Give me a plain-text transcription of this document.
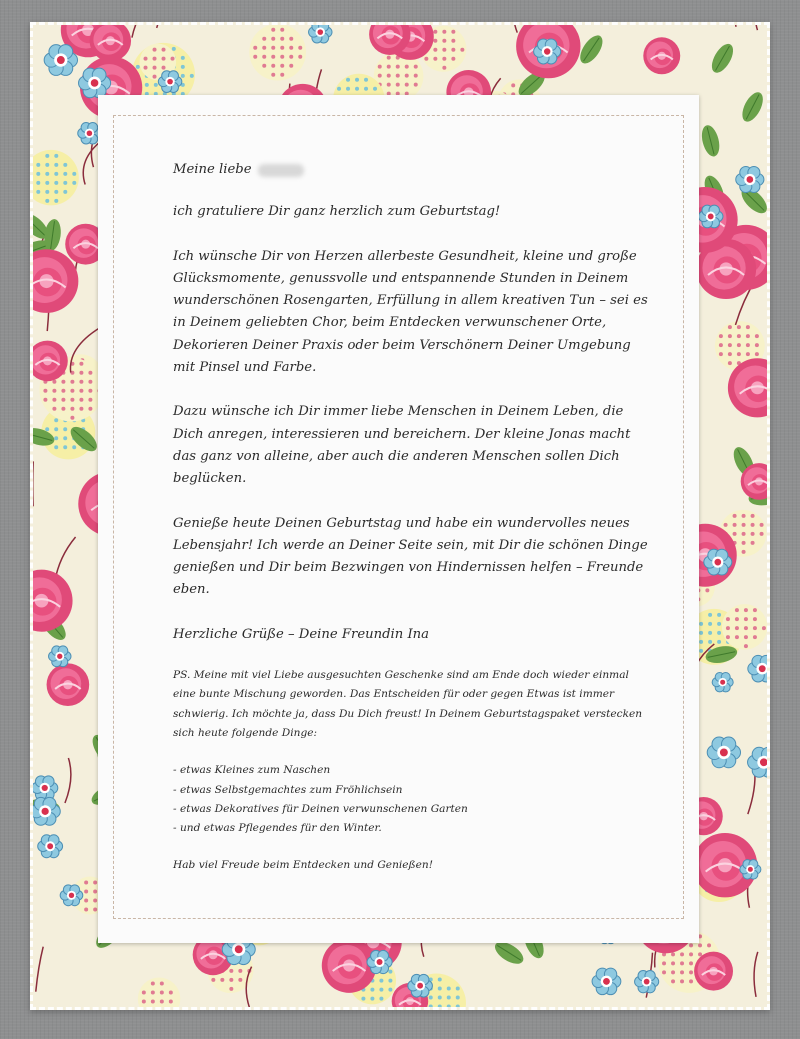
Meine liebe

ich gratuliere Dir ganz herzlich zum Geburtstag!

Ich wünsche Dir von Herzen allerbeste Gesundheit, kleine und große Glücksmomente, genussvolle und entspannende Stunden in Deinem wunderschönen Rosengarten, Erfüllung in allem kreativen Tun – sei es in Deinem geliebten Chor, beim Entdecken verwunschener Orte, Dekorieren Deiner Praxis oder beim Verschönern Deiner Umgebung mit Pinsel und Farbe.

Dazu wünsche ich Dir immer liebe Menschen in Deinem Leben, die Dich anregen, interessieren und bereichern. Der kleine Jonas macht das ganz von alleine, aber auch die anderen Menschen sollen Dich beglücken.

Genieße heute Deinen Geburtstag und habe ein wundervolles neues Lebensjahr! Ich werde an Deiner Seite sein, mit Dir die schönen Dinge genießen und Dir beim Bezwingen von Hindernissen helfen – Freunde eben.

Herzliche Grüße – Deine Freundin Ina

PS. Meine mit viel Liebe ausgesuchten Geschenke sind am Ende doch wieder einmal eine bunte Mischung geworden. Das Entscheiden für oder gegen Etwas ist immer schwierig. Ich möchte ja, dass Du Dich freust! In Deinem Geburtstagspaket verstecken sich heute folgende Dinge:

- etwas Kleines zum Naschen
- etwas Selbstgemachtes zum Fröhlichsein
- etwas Dekoratives für Deinen verwunschenen Garten
- und etwas Pflegendes für den Winter.

Hab viel Freude beim Entdecken und Genießen!
